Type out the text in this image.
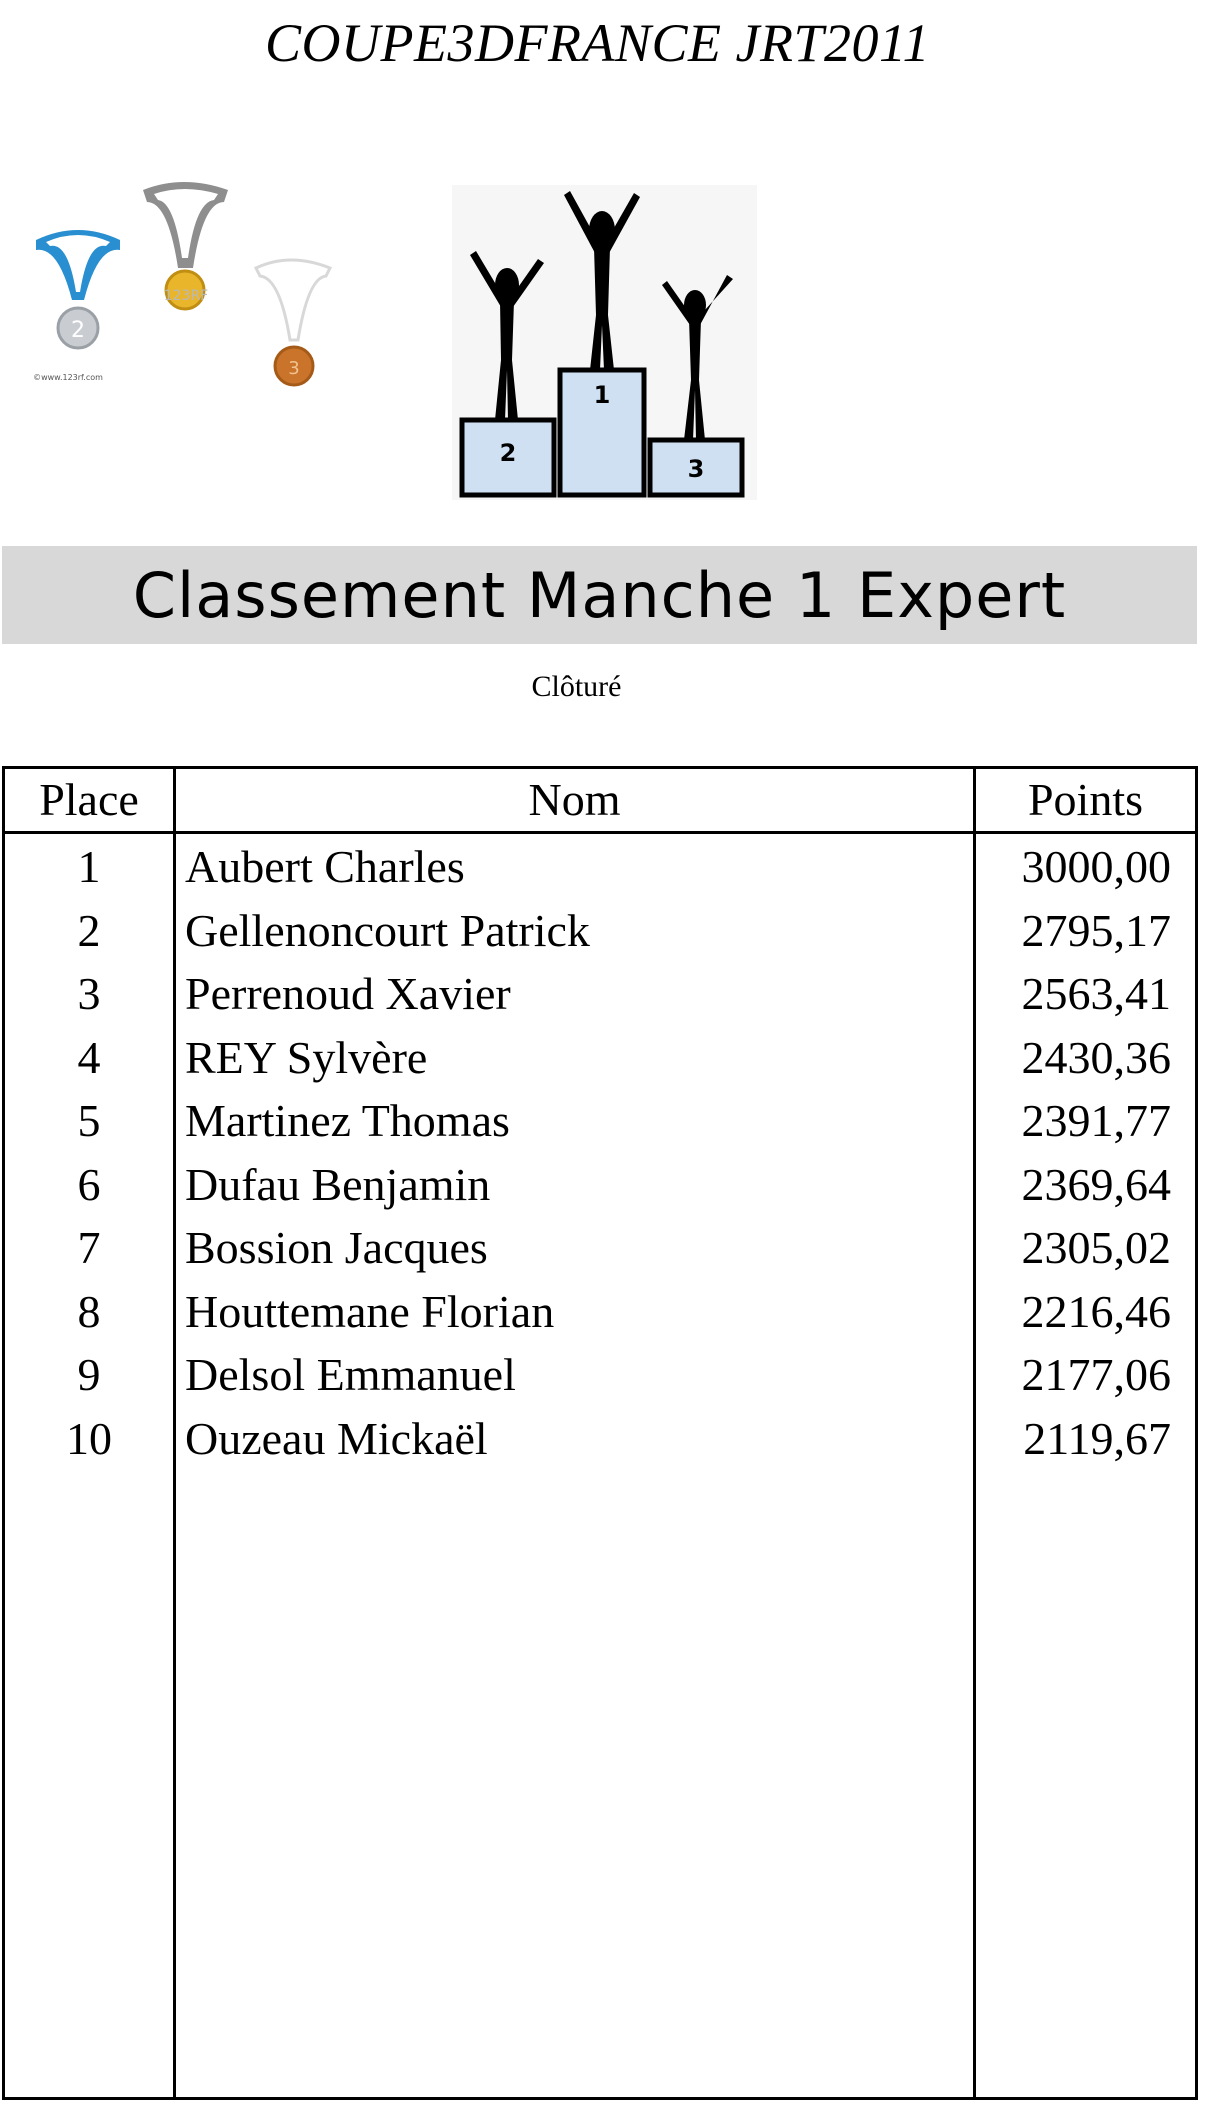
COUPE3DFRANCE JRT2011
2
©www.123rf.com
123RF
3
2
1
3
Classement Manche 1 Expert
Clôturé
Place	Nom	Points
1	Aubert Charles	3000,00
2	Gellenoncourt Patrick	2795,17
3	Perrenoud Xavier	2563,41
4	REY Sylvère	2430,36
5	Martinez Thomas	2391,77
6	Dufau Benjamin	2369,64
7	Bossion Jacques	2305,02
8	Houttemane Florian	2216,46
9	Delsol Emmanuel	2177,06
10	Ouzeau Mickaël	2119,67
